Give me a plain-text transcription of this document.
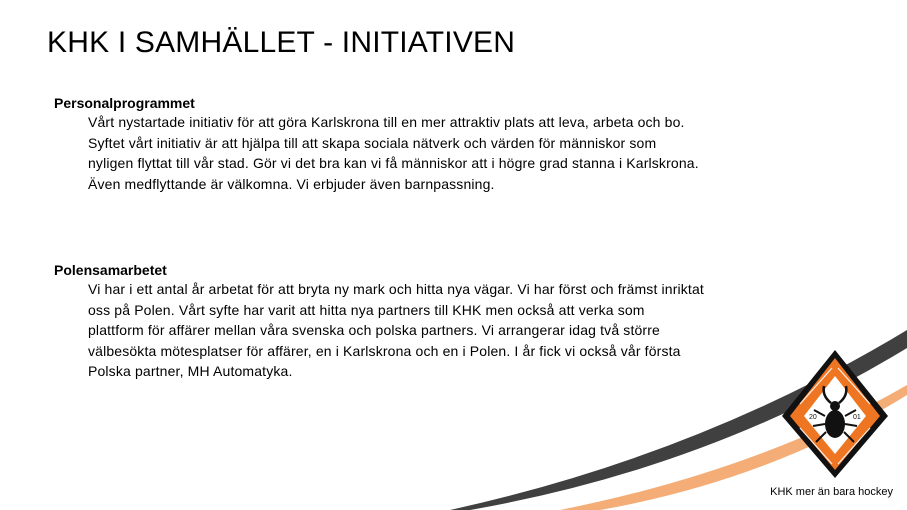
KHK I SAMHÄLLET - INITIATIVEN
Personalprogrammet

Vårt nystartade initiativ för att göra Karlskrona till en mer attraktiv plats att leva, arbeta och bo. Syftet vårt initiativ är att hjälpa till att skapa sociala nätverk och värden för människor som nyligen flyttat till vår stad. Gör vi det bra kan vi få människor att i högre grad stanna i Karlskrona. Även medflyttande är välkomna. Vi erbjuder även barnpassning.

Polensamarbetet

Vi har i ett antal år arbetat för att bryta ny mark och hitta nya vägar. Vi har först och främst inriktat oss på Polen. Vårt syfte har varit att hitta nya partners till KHK men också att verka som plattform för affärer mellan våra svenska och polska partners. Vi arrangerar idag två större välbesökta mötesplatser för affärer, en i Karlskrona och en i Polen. I år fick vi också vår första Polska partner, MH Automatyka.

20	01
KHK mer än bara hockey
